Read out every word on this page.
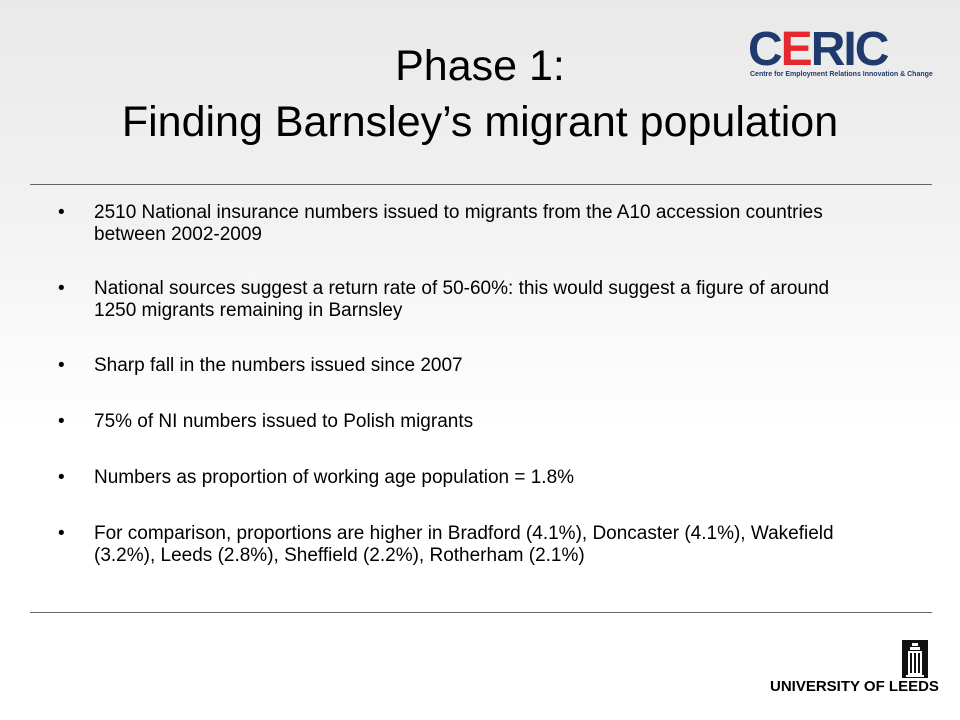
Phase 1:
Finding Barnsley’s migrant population
CERIC
Centre for Employment Relations Innovation & Change
•	2510 National insurance numbers issued to migrants from the A10 accession countries between 2002-2009
•	National sources suggest a return rate of 50-60%: this would suggest a figure of around 1250 migrants remaining in Barnsley
•	Sharp fall in the numbers issued since 2007
•	75% of NI numbers issued to Polish migrants
•	Numbers as proportion of working age population = 1.8%
•	For comparison, proportions are higher in Bradford (4.1%), Doncaster (4.1%), Wakefield (3.2%), Leeds (2.8%), Sheffield (2.2%), Rotherham (2.1%)
UNIVERSITY OF LEEDS
